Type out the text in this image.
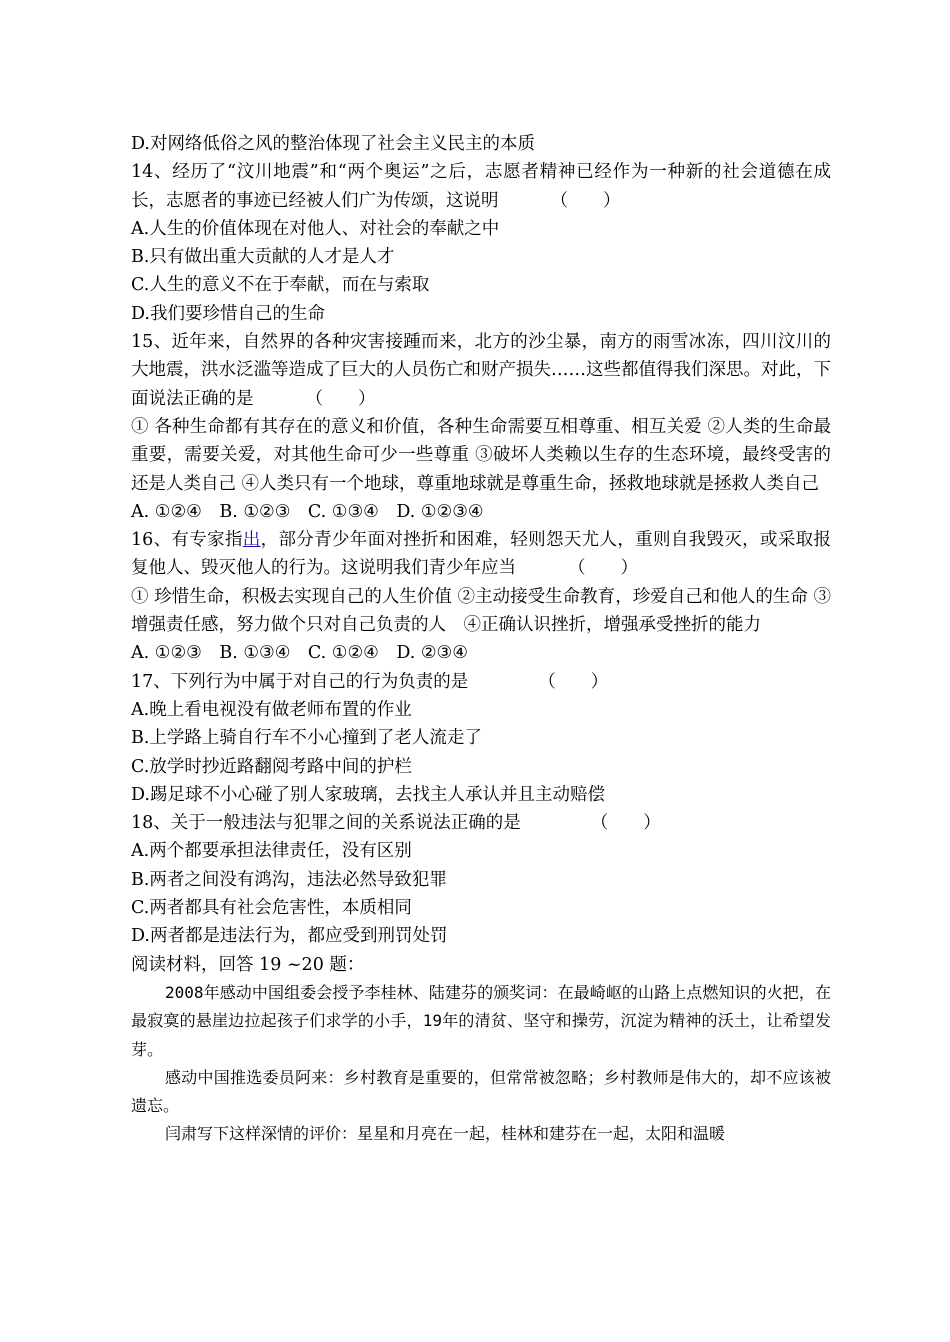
D.对网络低俗之风的整治体现了社会主义民主的本质
14、经历了“汶川地震”和“两个奥运”之后，志愿者精神已经作为一种新的社会道德在成长，志愿者的事迹已经被人们广为传颂，这说明	（　　）
A.人生的价值体现在对他人、对社会的奉献之中
B.只有做出重大贡献的人才是人才
C.人生的意义不在于奉献，而在与索取
D.我们要珍惜自己的生命
15、近年来，自然界的各种灾害接踵而来，北方的沙尘暴，南方的雨雪冰冻，四川汶川的大地震，洪水泛滥等造成了巨大的人员伤亡和财产损失……这些都值得我们深思。对此，下面说法正确的是	（　　）
① 各种生命都有其存在的意义和价值，各种生命需要互相尊重、相互关爱 ②人类的生命最重要，需要关爱，对其他生命可少一些尊重 ③破坏人类赖以生存的生态环境，最终受害的还是人类自己 ④人类只有一个地球，尊重地球就是尊重生命，拯救地球就是拯救人类自己
A. ①②④　B. ①②③　C. ①③④　D. ①②③④
16、有专家指出，部分青少年面对挫折和困难，轻则怨天尤人，重则自我毁灭，或采取报复他人、毁灭他人的行为。这说明我们青少年应当	（　　）
① 珍惜生命，积极去实现自己的人生价值 ②主动接受生命教育，珍爱自己和他人的生命 ③增强责任感，努力做个只对自己负责的人　④正确认识挫折，增强承受挫折的能力
A. ①②③　B. ①③④　C. ①②④　D. ②③④
17、下列行为中属于对自己的行为负责的是	（　　）
A.晚上看电视没有做老师布置的作业
B.上学路上骑自行车不小心撞到了老人流走了
C.放学时抄近路翻阅考路中间的护栏
D.踢足球不小心碰了别人家玻璃，去找主人承认并且主动赔偿
18、关于一般违法与犯罪之间的关系说法正确的是	（　　）
A.两个都要承担法律责任，没有区别
B.两者之间没有鸿沟，违法必然导致犯罪
C.两者都具有社会危害性，本质相同
D.两者都是违法行为，都应受到刑罚处罚
阅读材料，回答 19 ~20 题：
2008年感动中国组委会授予李桂林、陆建芬的颁奖词：在最崎岖的山路上点燃知识的火把，在最寂寞的悬崖边拉起孩子们求学的小手，19年的清贫、坚守和操劳，沉淀为精神的沃土，让希望发芽。
感动中国推选委员阿来：乡村教育是重要的，但常常被忽略；乡村教师是伟大的，却不应该被遗忘。
闫肃写下这样深情的评价：星星和月亮在一起，桂林和建芬在一起，太阳和温暖
